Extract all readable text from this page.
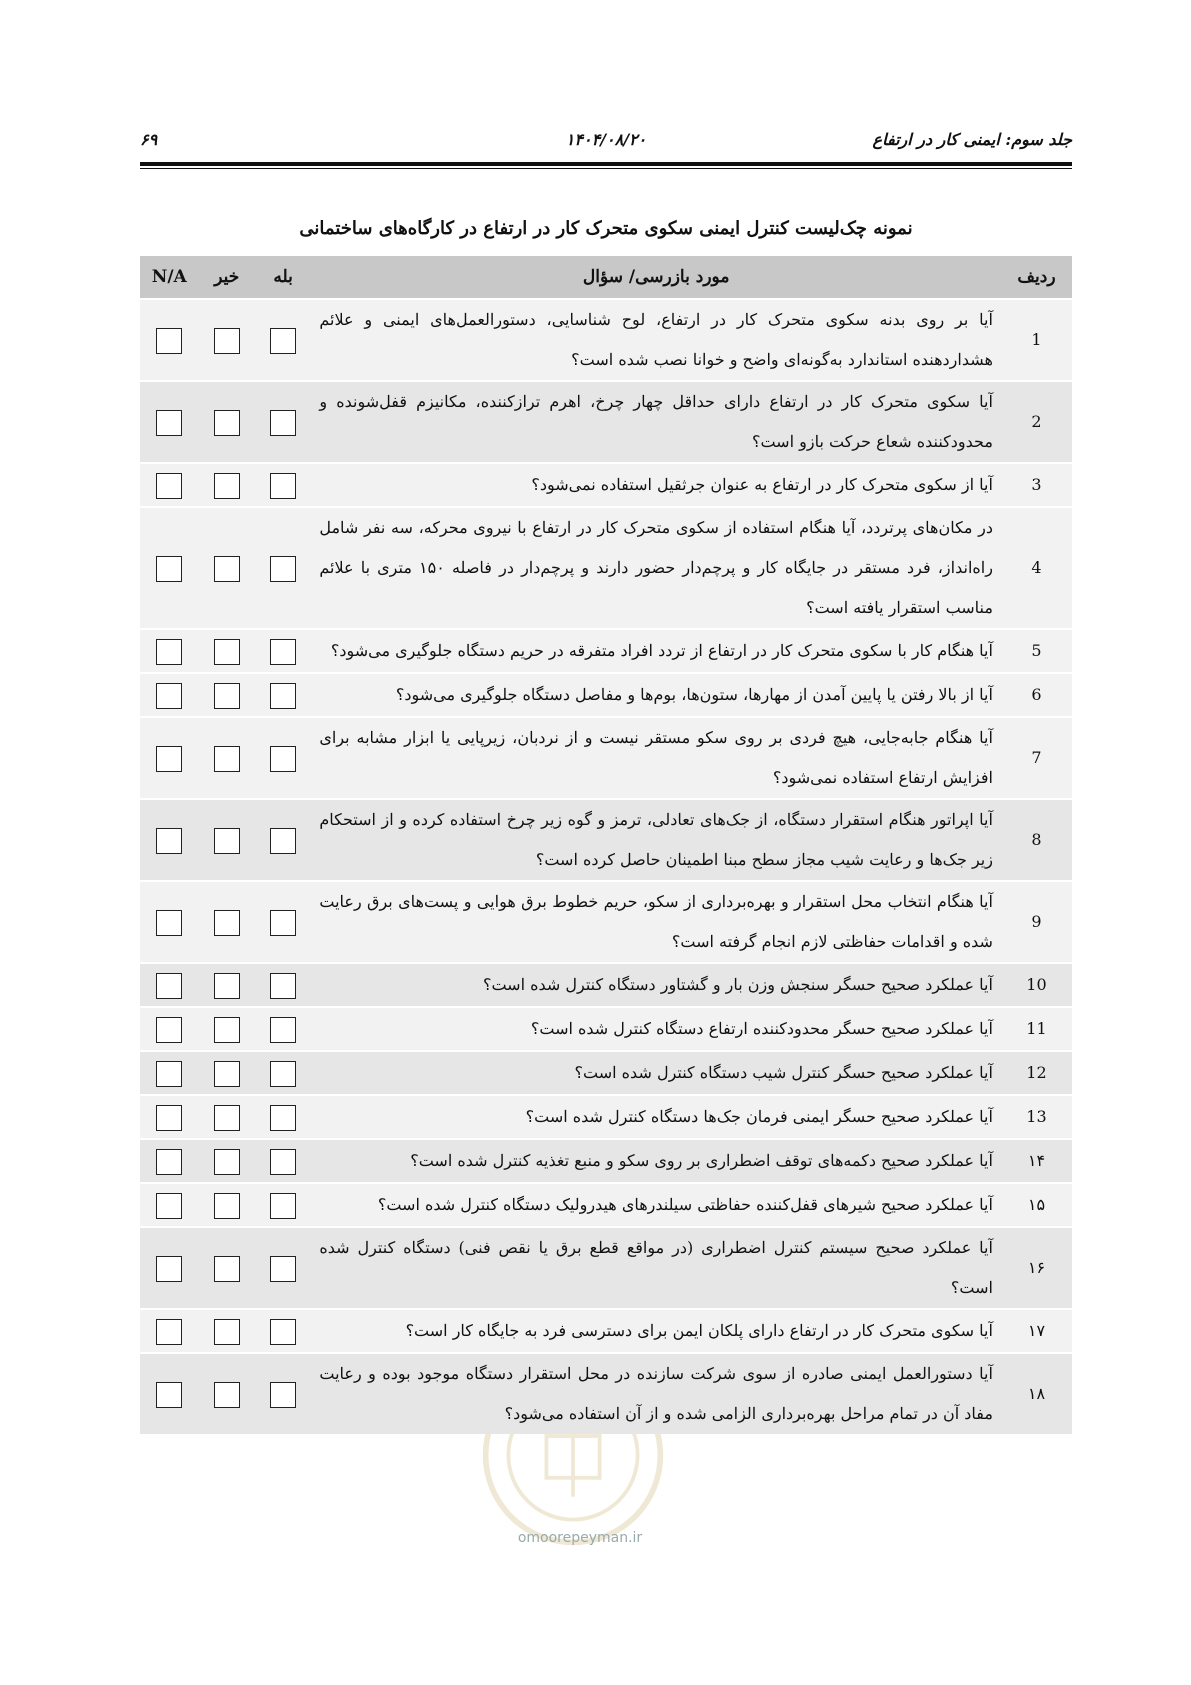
جلد سوم: ایمنی کار در ارتفاع
۱۴۰۴/۰۸/۲۰
۶۹
نمونه چک‌لیست کنترل ایمنی سکوی متحرک کار در ارتفاع در کارگاه‌های ساختمانی
omoorepeyman.ir
ردیف	مورد بازرسی/ سؤال	بله	خیر	N/A
1	آیا بر روی بدنه سکوی متحرک کار در ارتفاع، لوح شناسایی، دستورالعمل‌های ایمنی و علائم هشداردهنده استاندارد به‌گونه‌ای واضح و خوانا نصب شده است؟			
2	آیا سکوی متحرک کار در ارتفاع دارای حداقل چهار چرخ، اهرم ترازکننده، مکانیزم قفل‌شونده و محدودکننده شعاع حرکت بازو است؟			
3	آیا از سکوی متحرک کار در ارتفاع به عنوان جرثقیل استفاده نمی‌شود؟			
4	در مکان‌های پرتردد، آیا هنگام استفاده از سکوی متحرک کار در ارتفاع با نیروی محرکه، سه نفر شامل راه‌انداز، فرد مستقر در جایگاه کار و پرچم‌دار حضور دارند و پرچم‌دار در فاصله ۱۵۰ متری با علائم مناسب استقرار یافته است؟			
5	آیا هنگام کار با سکوی متحرک کار در ارتفاع از تردد افراد متفرقه در حریم دستگاه جلوگیری می‌شود؟			
6	آیا از بالا رفتن یا پایین آمدن از مهارها، ستون‌ها، بوم‌ها و مفاصل دستگاه جلوگیری می‌شود؟			
7	آیا هنگام جابه‌جایی، هیچ فردی بر روی سکو مستقر نیست و از نردبان، زیرپایی یا ابزار مشابه برای افزایش ارتفاع استفاده نمی‌شود؟			
8	آیا اپراتور هنگام استقرار دستگاه، از جک‌های تعادلی، ترمز و گوه زیر چرخ استفاده کرده و از استحکام زیر جک‌ها و رعایت شیب مجاز سطح مبنا اطمینان حاصل کرده است؟			
9	آیا هنگام انتخاب محل استقرار و بهره‌برداری از سکو، حریم خطوط برق هوایی و پست‌های برق رعایت شده و اقدامات حفاظتی لازم انجام گرفته است؟			
10	آیا عملکرد صحیح حسگر سنجش وزن بار و گشتاور دستگاه کنترل شده است؟			
11	آیا عملکرد صحیح حسگر محدودکننده ارتفاع دستگاه کنترل شده است؟			
12	آیا عملکرد صحیح حسگر کنترل شیب دستگاه کنترل شده است؟			
13	آیا عملکرد صحیح حسگر ایمنی فرمان جک‌ها دستگاه کنترل شده است؟			
۱۴	آیا عملکرد صحیح دکمه‌های توقف اضطراری بر روی سکو و منبع تغذیه کنترل شده است؟			
۱۵	آیا عملکرد صحیح شیرهای قفل‌کننده حفاظتی سیلندرهای هیدرولیک دستگاه کنترل شده است؟			
۱۶	آیا عملکرد صحیح سیستم کنترل اضطراری (در مواقع قطع برق یا نقص فنی) دستگاه کنترل شده است؟			
۱۷	آیا سکوی متحرک کار در ارتفاع دارای پلکان ایمن برای دسترسی فرد به جایگاه کار است؟			
۱۸	آیا دستورالعمل ایمنی صادره از سوی شرکت سازنده در محل استقرار دستگاه موجود بوده و رعایت مفاد آن در تمام مراحل بهره‌برداری الزامی شده و از آن استفاده می‌شود؟			
